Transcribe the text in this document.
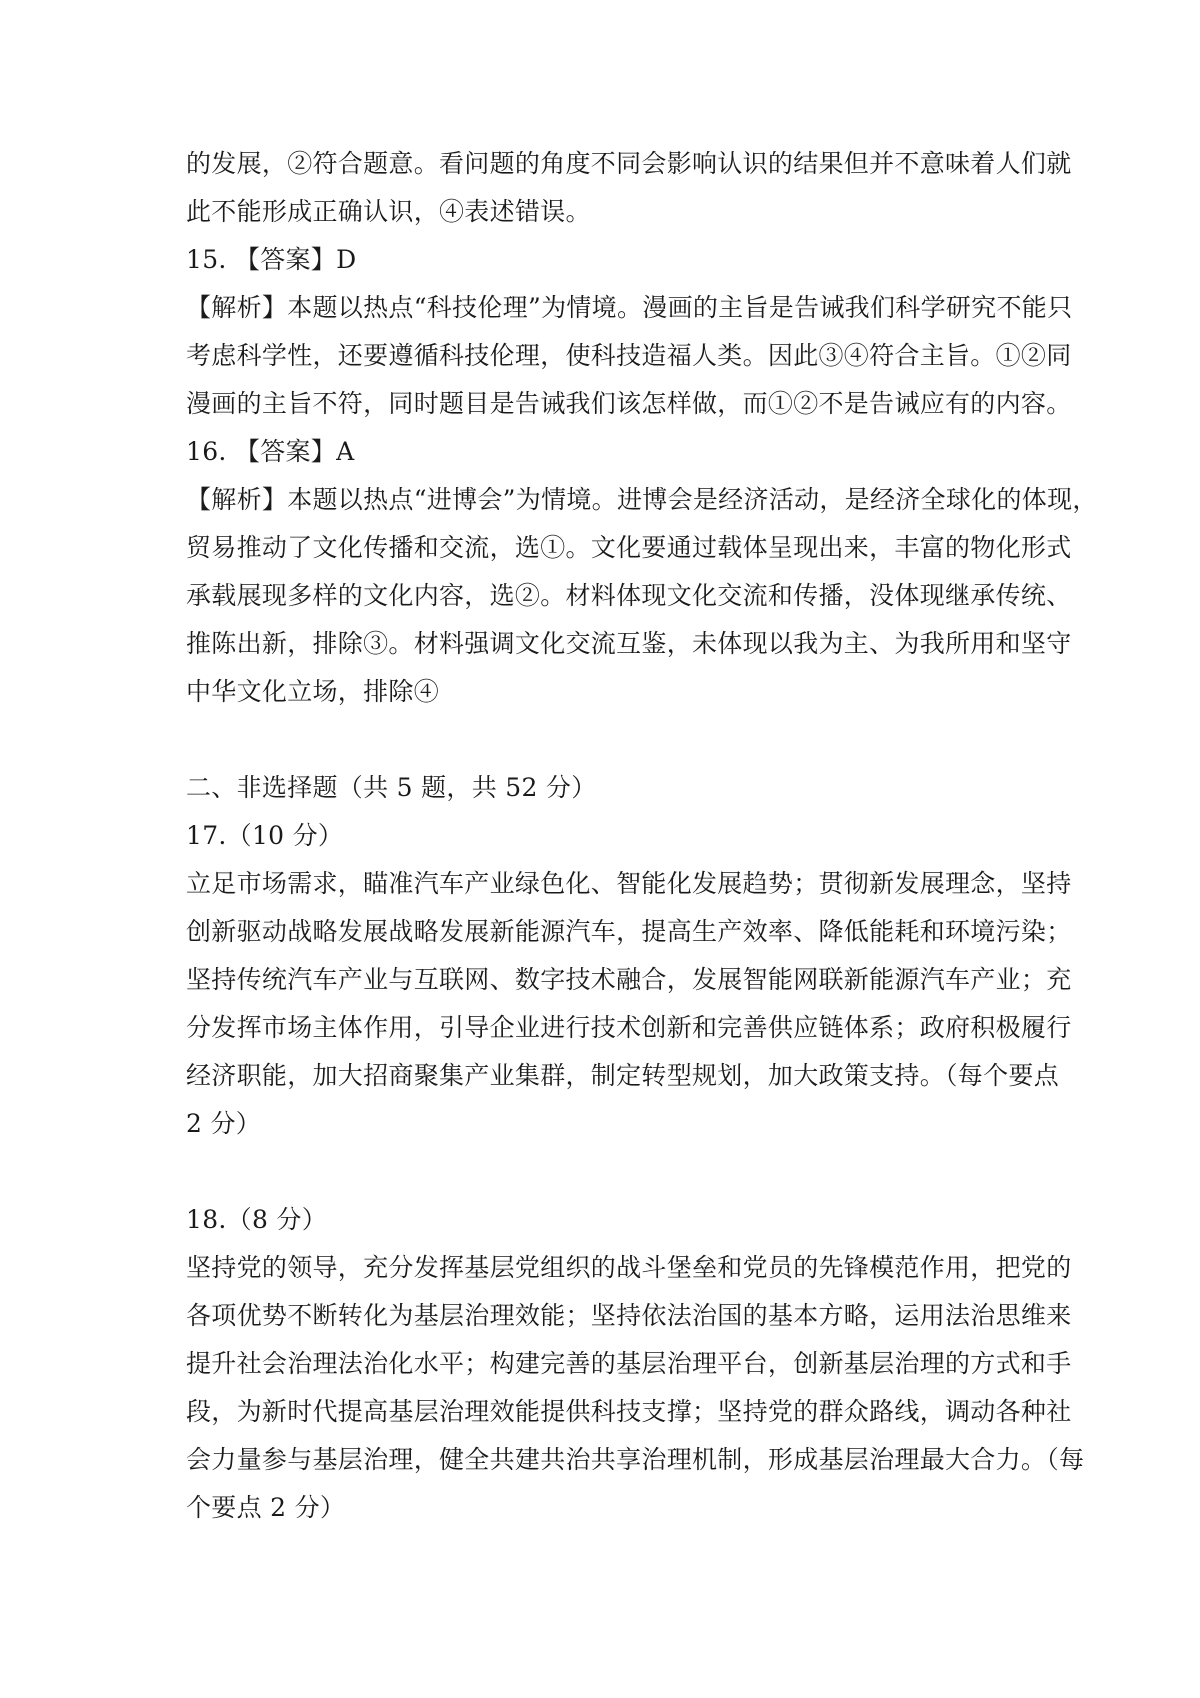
的发展，②符合题意。看问题的角度不同会影响认识的结果但并不意味着人们就
此不能形成正确认识，④表述错误。
15. 【答案】D
【解析】本题以热点“科技伦理”为情境。漫画的主旨是告诫我们科学研究不能只
考虑科学性，还要遵循科技伦理，使科技造福人类。因此③④符合主旨。①②同
漫画的主旨不符，同时题目是告诫我们该怎样做，而①②不是告诫应有的内容。
16. 【答案】A
【解析】本题以热点“进博会”为情境。进博会是经济活动，是经济全球化的体现，
贸易推动了文化传播和交流，选①。文化要通过载体呈现出来，丰富的物化形式
承载展现多样的文化内容，选②。材料体现文化交流和传播，没体现继承传统、
推陈出新，排除③。材料强调文化交流互鉴，未体现以我为主、为我所用和坚守
中华文化立场，排除④
二、非选择题（共 5 题，共 52 分）
17.（10 分）
立足市场需求，瞄准汽车产业绿色化、智能化发展趋势；贯彻新发展理念，坚持
创新驱动战略发展战略发展新能源汽车，提高生产效率、降低能耗和环境污染；
坚持传统汽车产业与互联网、数字技术融合，发展智能网联新能源汽车产业；充
分发挥市场主体作用，引导企业进行技术创新和完善供应链体系；政府积极履行
经济职能，加大招商聚集产业集群，制定转型规划，加大政策支持。（每个要点
2 分）
18.（8 分）
坚持党的领导，充分发挥基层党组织的战斗堡垒和党员的先锋模范作用，把党的
各项优势不断转化为基层治理效能；坚持依法治国的基本方略，运用法治思维来
提升社会治理法治化水平；构建完善的基层治理平台，创新基层治理的方式和手
段，为新时代提高基层治理效能提供科技支撑；坚持党的群众路线，调动各种社
会力量参与基层治理，健全共建共治共享治理机制，形成基层治理最大合力。（每
个要点 2 分）
